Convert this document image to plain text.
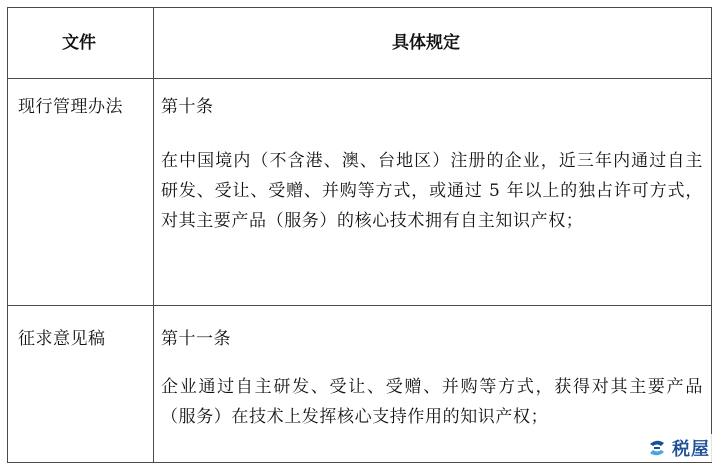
文件	具体规定
现行管理办法 第十条
在中国境内（不含港、澳、台地区）注册的企业，近三年内通过自主研发、受让、受赠、并购等方式，或通过 5 年以上的独占许可方式，对其主要产品（服务）的核心技术拥有自主知识产权；
征求意见稿	第十一条
企业通过自主研发、受让、受赠、并购等方式，获得对其主要产品（服务）在技术上发挥核心支持作用的知识产权；
税屋
